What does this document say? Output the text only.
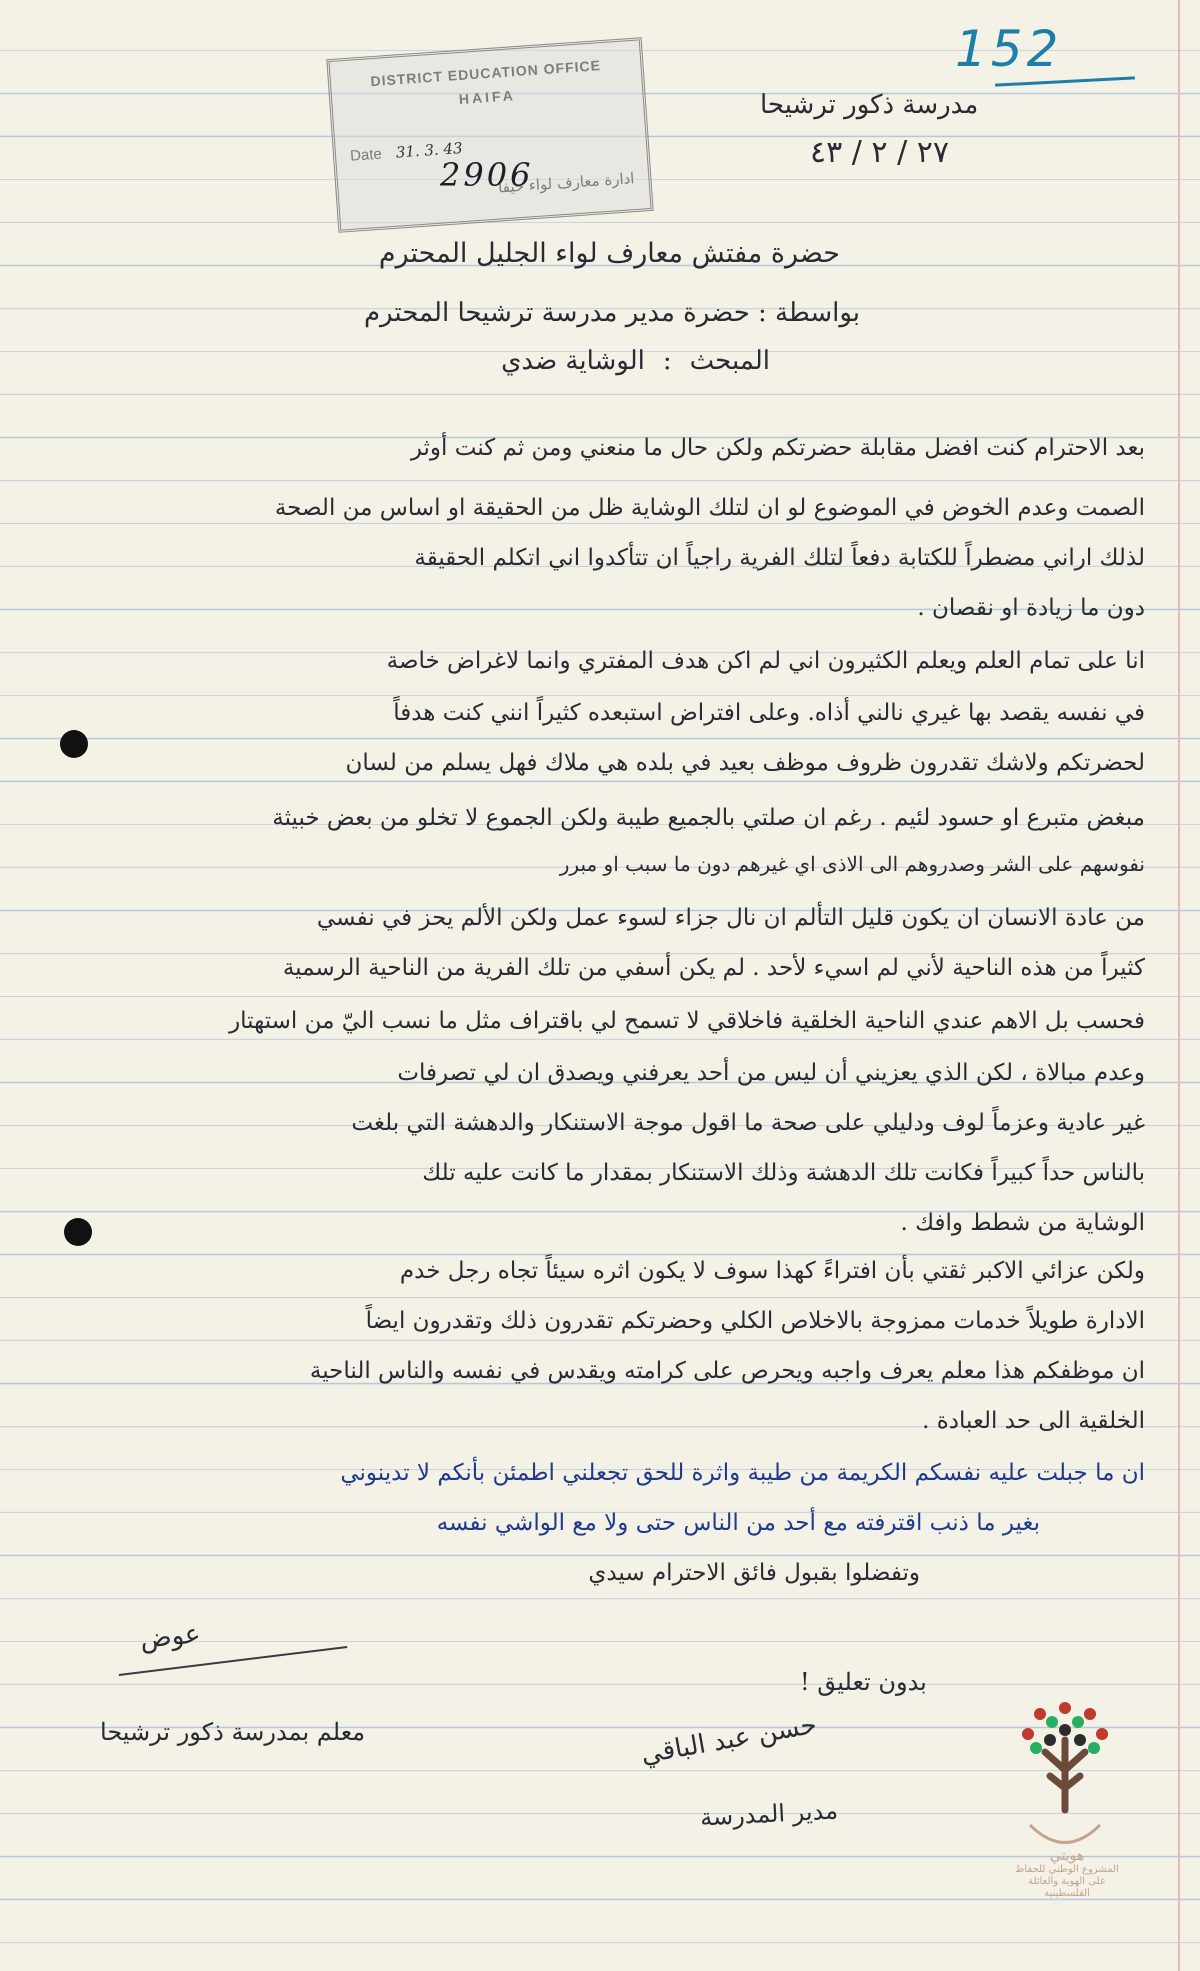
152
DISTRICT EDUCATION OFFICE
HAIFA
Date 31. 3. 43
ادارة معارف لواء حيفا
2906

مدرسة ذكور ترشيحا

٢٧ / ٢ / ٤٣

حضرة مفتش معارف لواء الجليل المحترم

بواسطة : حضرة مدير مدرسة ترشيحا المحترم

المبحث:الوشاية ضدي

بعد الاحترام كنت افضل مقابلة حضرتكم ولكن حال ما منعني ومن ثم كنت أوثر

الصمت وعدم الخوض في الموضوع لو ان لتلك الوشاية ظل من الحقيقة او اساس من الصحة

لذلك اراني مضطراً للكتابة دفعاً لتلك الفرية راجياً ان تتأكدوا اني اتكلم الحقيقة

دون ما زيادة او نقصان .

انا على تمام العلم ويعلم الكثيرون اني لم اكن هدف المفتري وانما لاغراض خاصة

في نفسه يقصد بها غيري نالني أذاه. وعلى افتراض استبعده كثيراً انني كنت هدفاً

لحضرتكم ولاشك تقدرون ظروف موظف بعيد في بلده هي ملاك فهل يسلم من لسان

مبغض متبرع او حسود لئيم . رغم ان صلتي بالجميع طيبة ولكن الجموع لا تخلو من بعض خبيثة

نفوسهم على الشر وصدروهم الى الاذى اي غيرهم دون ما سبب او مبرر

من عادة الانسان ان يكون قليل التألم ان نال جزاء لسوء عمل ولكن الألم يحز في نفسي

كثيراً من هذه الناحية لأني لم اسيء لأحد . لم يكن أسفي من تلك الفرية من الناحية الرسمية

فحسب بل الاهم عندي الناحية الخلقية فاخلاقي لا تسمح لي باقتراف مثل ما نسب اليّ من استهتار

وعدم مبالاة ، لكن الذي يعزيني أن ليس من أحد يعرفني ويصدق ان لي تصرفات

غير عادية وعزماً لوف ودليلي على صحة ما اقول موجة الاستنكار والدهشة التي بلغت

بالناس حداً كبيراً فكانت تلك الدهشة وذلك الاستنكار بمقدار ما كانت عليه تلك

الوشاية من شطط وافك .

ولكن عزائي الاكبر ثقتي بأن افتراءً كهذا سوف لا يكون اثره سيئاً تجاه رجل خدم

الادارة طويلاً خدمات ممزوجة بالاخلاص الكلي وحضرتكم تقدرون ذلك وتقدرون ايضاً

ان موظفكم هذا معلم يعرف واجبه ويحرص على كرامته ويقدس في نفسه والناس الناحية

الخلقية الى حد العبادة .

ان ما جبلت عليه نفسكم الكريمة من طيبة واثرة للحق تجعلني اطمئن بأنكم لا تدينوني

بغير ما ذنب اقترفته مع أحد من الناس حتى ولا مع الواشي نفسه

وتفضلوا بقبول فائق الاحترام سيدي

عوض

معلم بمدرسة ذكور ترشيحا

بدون تعليق !

حسن عبد الباقي

مدير المدرسة

هويتي
المشروع الوطني للحفاظ على الهوية والعائلة الفلسطينية
